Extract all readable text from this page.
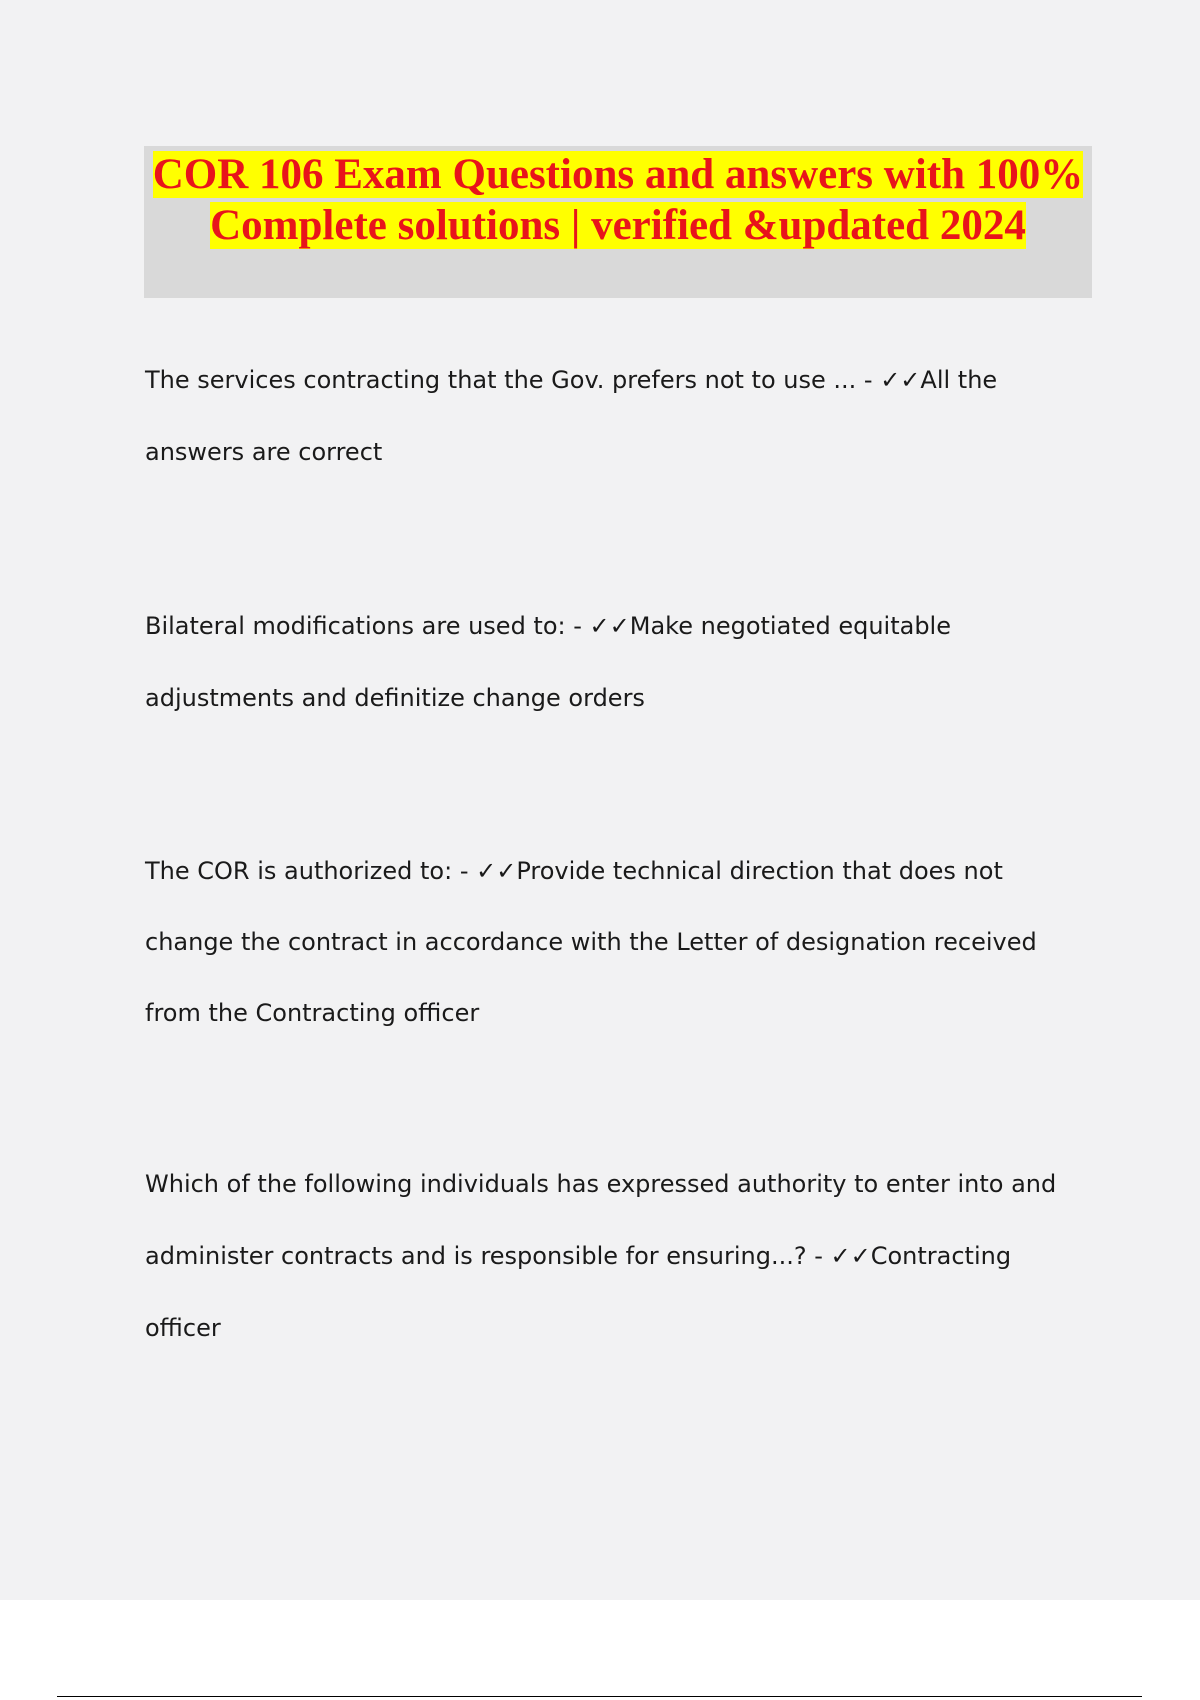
COR 106 Exam Questions and answers with 100% Complete solutions | verified &updated 2024

The services contracting that the Gov. prefers not to use ... - ✓✓All the answers are correct

Bilateral modifications are used to: - ✓✓Make negotiated equitable adjustments and definitize change orders

The COR is authorized to: - ✓✓Provide technical direction that does not change the contract in accordance with the Letter of designation received from the Contracting officer

Which of the following individuals has expressed authority to enter into and administer contracts and is responsible for ensuring...? - ✓✓Contracting officer
